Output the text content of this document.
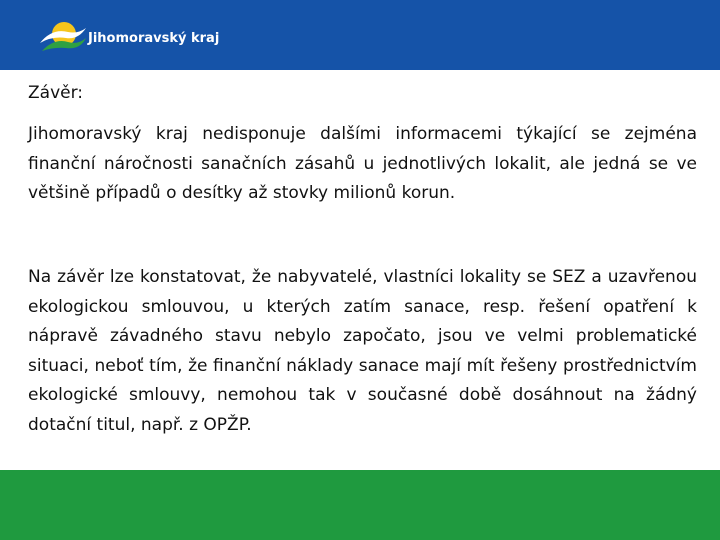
Jihomoravský kraj
Závěr:

Jihomoravský kraj nedisponuje dalšími informacemi týkající se zejména finanční náročnosti sanačních zásahů u jednotlivých lokalit, ale jedná se ve většině případů o desítky až stovky milionů korun.

Na závěr lze konstatovat, že nabyvatelé, vlastníci lokality se SEZ a uzavřenou ekologickou smlouvou, u kterých zatím sanace, resp. řešení opatření k nápravě závadného stavu nebylo započato, jsou ve velmi problematické situaci, neboť tím, že finanční náklady sanace mají mít řešeny prostřednictvím ekologické smlouvy, nemohou tak v současné době dosáhnout na žádný dotační titul, např. z OPŽP.
